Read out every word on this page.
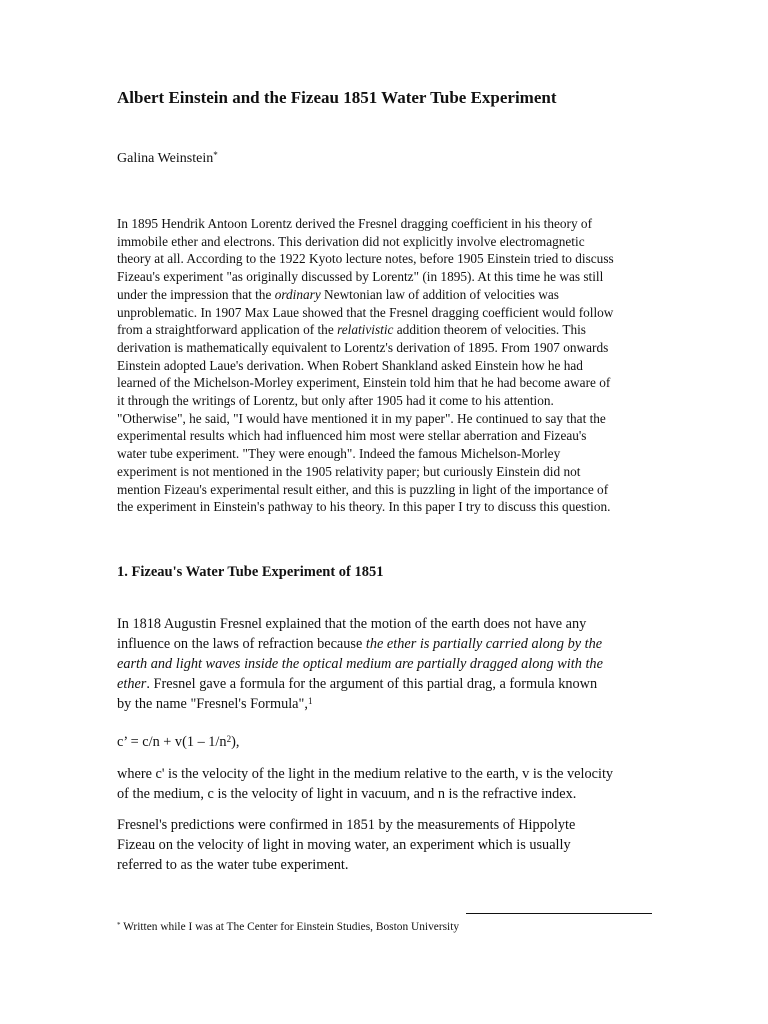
Albert Einstein and the Fizeau 1851 Water Tube Experiment

Galina Weinstein*

In 1895 Hendrik Antoon Lorentz derived the Fresnel dragging coefficient in his theory of
immobile ether and electrons. This derivation did not explicitly involve electromagnetic
theory at all. According to the 1922 Kyoto lecture notes, before 1905 Einstein tried to discuss
Fizeau's experiment "as originally discussed by Lorentz" (in 1895). At this time he was still
under the impression that the ordinary Newtonian law of addition of velocities was
unproblematic. In 1907 Max Laue showed that the Fresnel dragging coefficient would follow
from a straightforward application of the relativistic addition theorem of velocities. This
derivation is mathematically equivalent to Lorentz's derivation of 1895. From 1907 onwards
Einstein adopted Laue's derivation. When Robert Shankland asked Einstein how he had
learned of the Michelson-Morley experiment, Einstein told him that he had become aware of
it through the writings of Lorentz, but only after 1905 had it come to his attention.
"Otherwise", he said, "I would have mentioned it in my paper". He continued to say that the
experimental results which had influenced him most were stellar aberration and Fizeau's
water tube experiment. "They were enough". Indeed the famous Michelson-Morley
experiment is not mentioned in the 1905 relativity paper; but curiously Einstein did not
mention Fizeau's experimental result either, and this is puzzling in light of the importance of
the experiment in Einstein's pathway to his theory. In this paper I try to discuss this question.
1. Fizeau's Water Tube Experiment of 1851
In 1818 Augustin Fresnel explained that the motion of the earth does not have any
influence on the laws of refraction because the ether is partially carried along by the
earth and light waves inside the optical medium are partially dragged along with the
ether. Fresnel gave a formula for the argument of this partial drag, a formula known
by the name "Fresnel's Formula",$^1$
c’ = $c/n + v(1 - 1/n^2)$,
where c' is the velocity of the light in the medium relative to the earth, v is the velocity
of the medium, c is the velocity of light in vacuum, and n is the refractive index.
Fresnel's predictions were confirmed in 1851 by the measurements of Hippolyte
Fizeau on the velocity of light in moving water, an experiment which is usually
referred to as the water tube experiment.

* Written while I was at The Center for Einstein Studies, Boston University
